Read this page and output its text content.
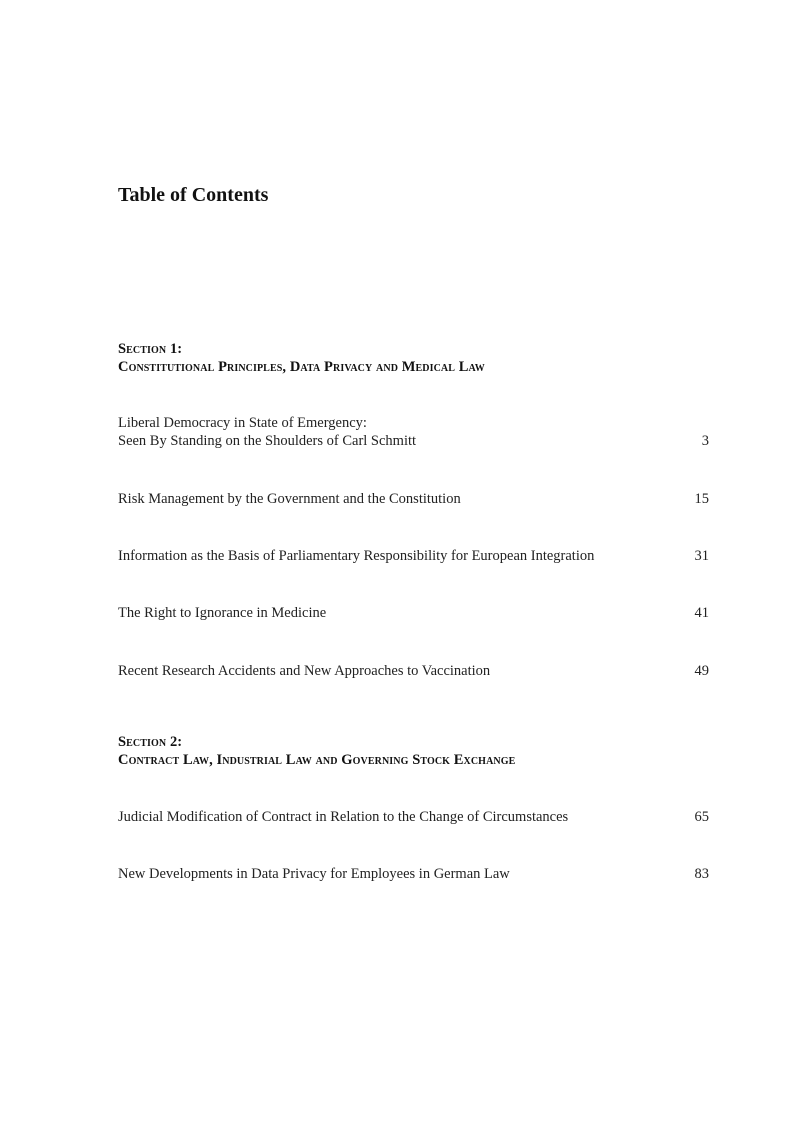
Table of Contents
Section 1:
Constitutional Principles, Data Privacy and Medical Law
Liberal Democracy in State of Emergency:
Seen By Standing on the Shoulders of Carl Schmitt	3
Risk Management by the Government and the Constitution	15
Information as the Basis of Parliamentary Responsibility for European Integration	31
The Right to Ignorance in Medicine	41
Recent Research Accidents and New Approaches to Vaccination	49
Section 2:
Contract Law, Industrial Law and Governing Stock Exchange
Judicial Modification of Contract in Relation to the Change of Circumstances	65
New Developments in Data Privacy for Employees in German Law	83
